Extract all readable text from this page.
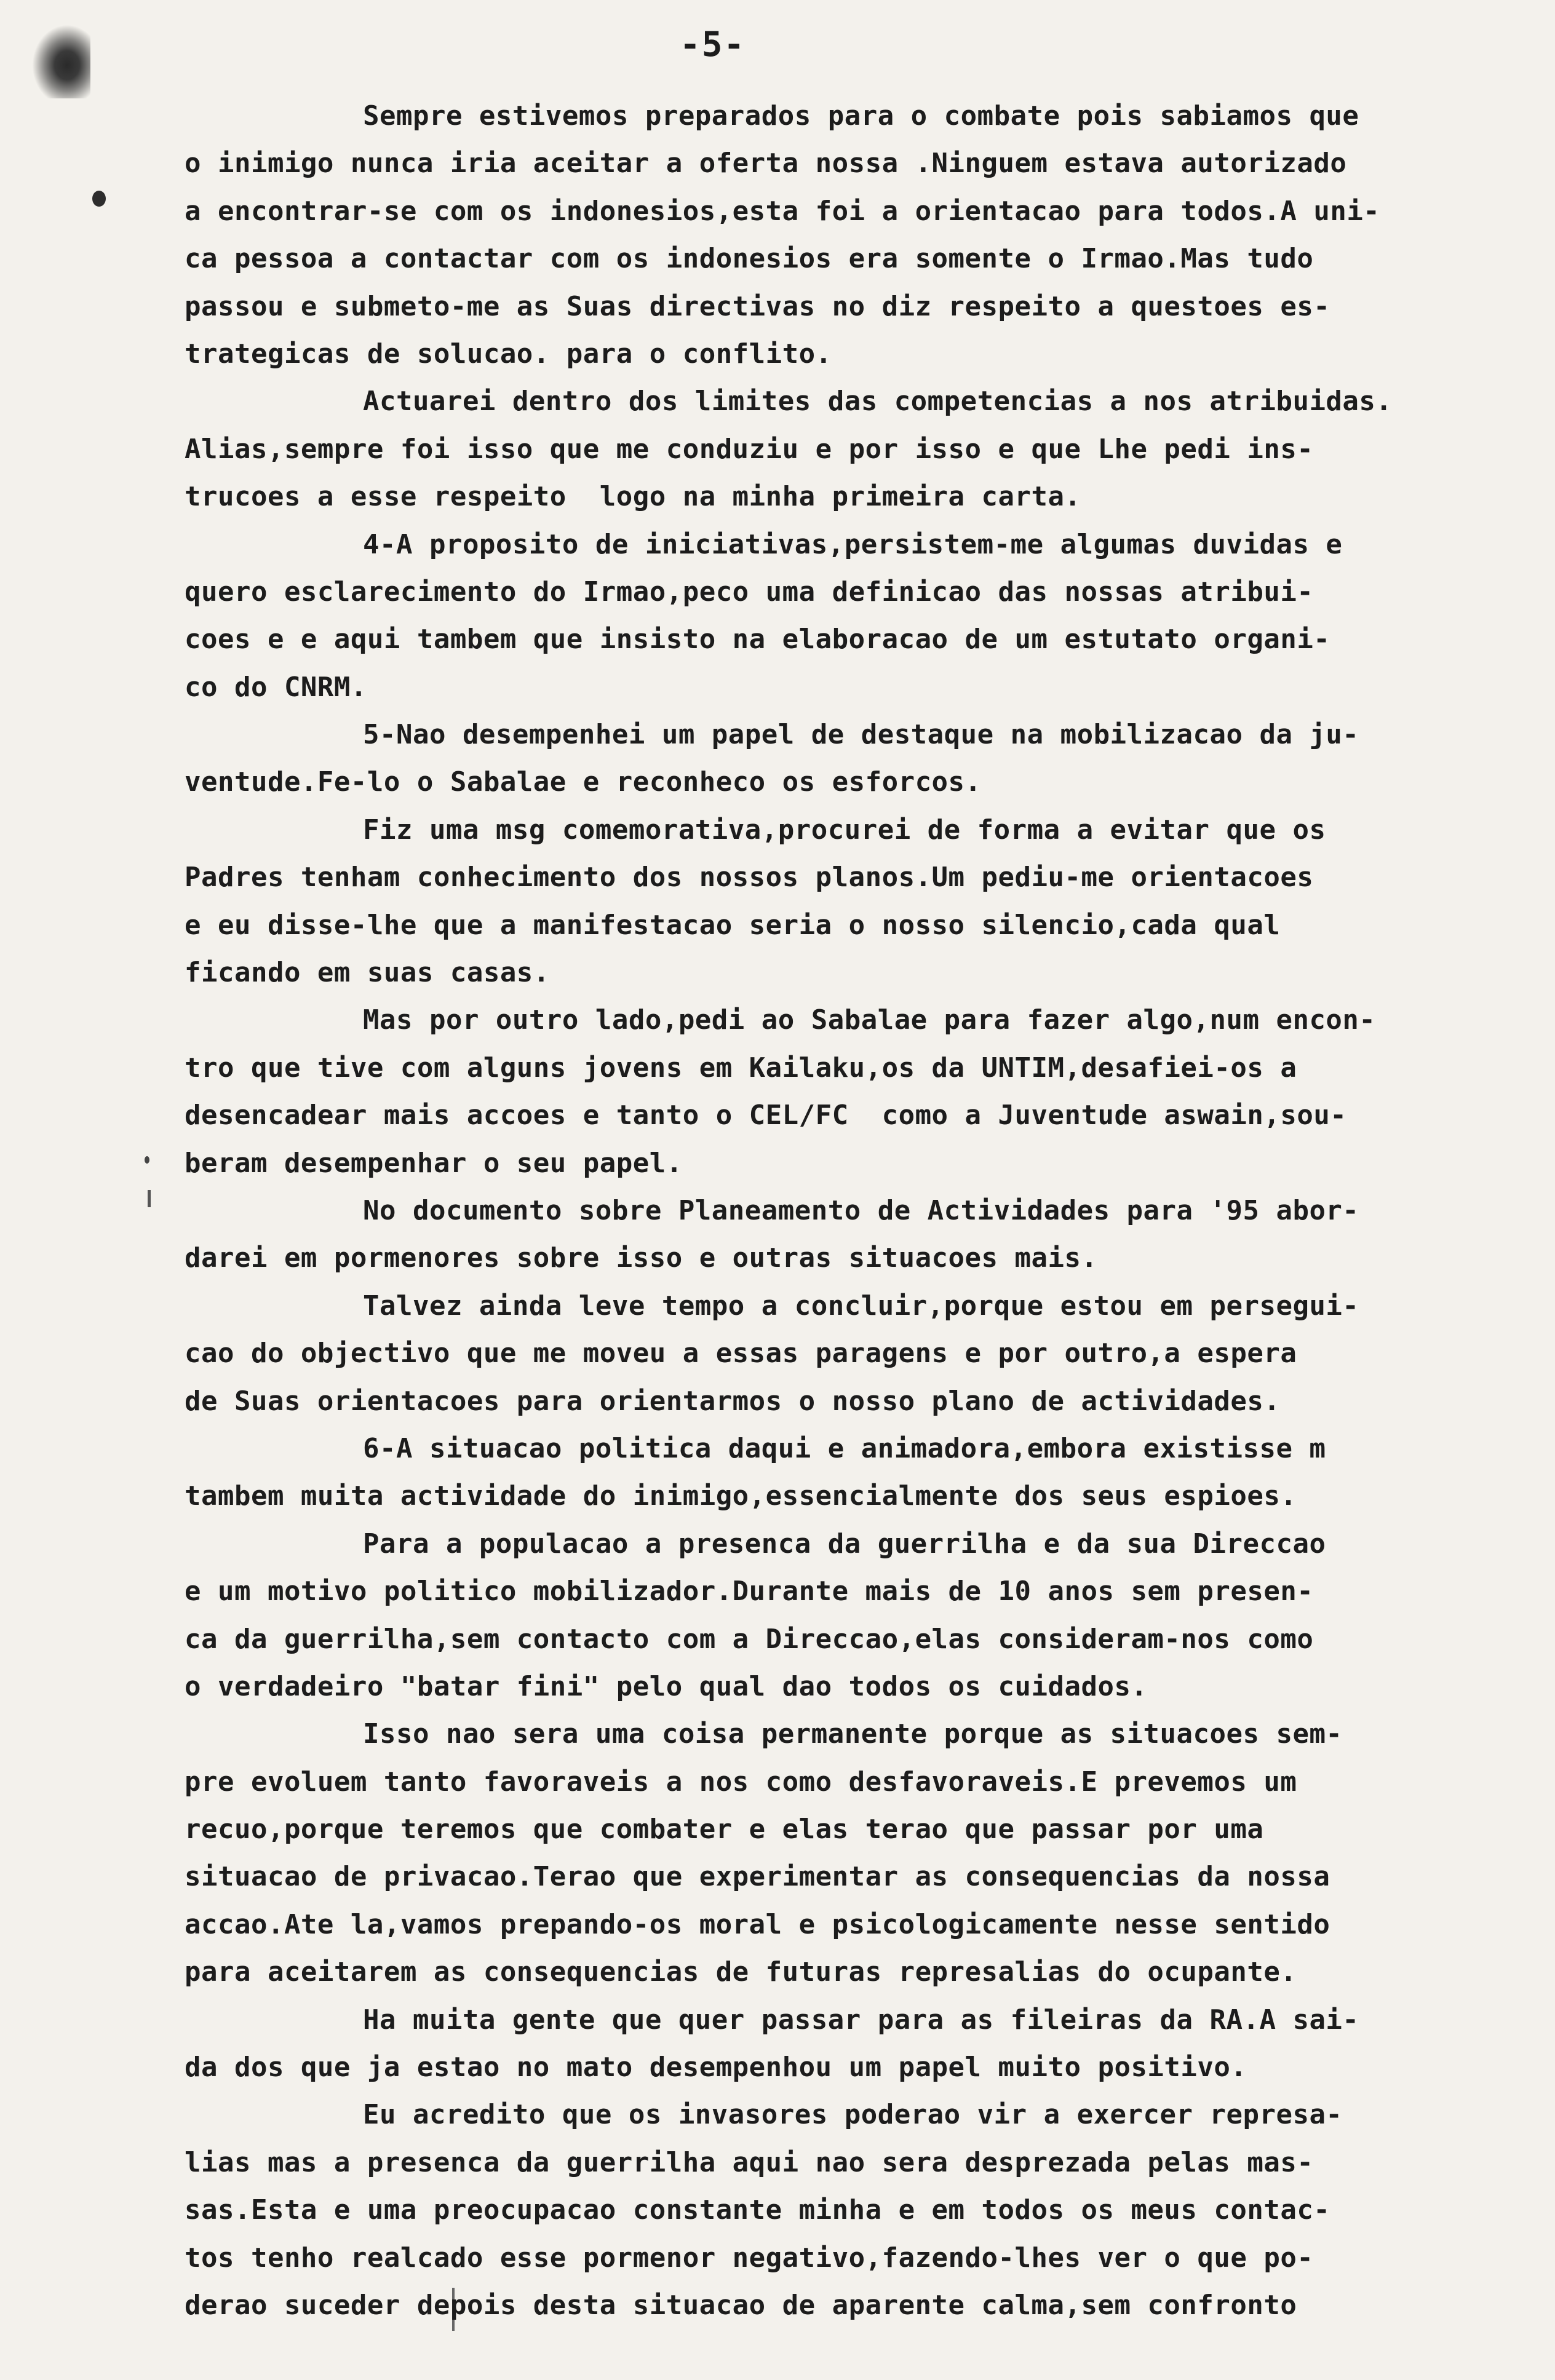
-5-
Sempre estivemos preparados para o combate pois sabiamos que
o inimigo nunca iria aceitar a oferta nossa .Ninguem estava autorizado
a encontrar-se com os indonesios,esta foi a orientacao para todos.A uni-
ca pessoa a contactar com os indonesios era somente o Irmao.Mas tudo
passou e submeto-me as Suas directivas no diz respeito a questoes es-
trategicas de solucao. para o conflito.
Actuarei dentro dos limites das competencias a nos atribuidas.
Alias,sempre foi isso que me conduziu e por isso e que Lhe pedi ins-
trucoes a esse respeito  logo na minha primeira carta.
4-A proposito de iniciativas,persistem-me algumas duvidas e
quero esclarecimento do Irmao,peco uma definicao das nossas atribui-
coes e e aqui tambem que insisto na elaboracao de um estutato organi-
co do CNRM.
5-Nao desempenhei um papel de destaque na mobilizacao da ju-
ventude.Fe-lo o Sabalae e reconheco os esforcos.
Fiz uma msg comemorativa,procurei de forma a evitar que os
Padres tenham conhecimento dos nossos planos.Um pediu-me orientacoes
e eu disse-lhe que a manifestacao seria o nosso silencio,cada qual
ficando em suas casas.
Mas por outro lado,pedi ao Sabalae para fazer algo,num encon-
tro que tive com alguns jovens em Kailaku,os da UNTIM,desafiei-os a
desencadear mais accoes e tanto o CEL/FC  como a Juventude aswain,sou-
beram desempenhar o seu papel.
No documento sobre Planeamento de Actividades para '95 abor-
darei em pormenores sobre isso e outras situacoes mais.
Talvez ainda leve tempo a concluir,porque estou em persegui-
cao do objectivo que me moveu a essas paragens e por outro,a espera
de Suas orientacoes para orientarmos o nosso plano de actividades.
6-A situacao politica daqui e animadora,embora existisse m
tambem muita actividade do inimigo,essencialmente dos seus espioes.
Para a populacao a presenca da guerrilha e da sua Direccao
e um motivo politico mobilizador.Durante mais de 10 anos sem presen-
ca da guerrilha,sem contacto com a Direccao,elas consideram-nos como
o verdadeiro "batar fini" pelo qual dao todos os cuidados.
Isso nao sera uma coisa permanente porque as situacoes sem-
pre evoluem tanto favoraveis a nos como desfavoraveis.E prevemos um
recuo,porque teremos que combater e elas terao que passar por uma
situacao de privacao.Terao que experimentar as consequencias da nossa
accao.Ate la,vamos prepando-os moral e psicologicamente nesse sentido
para aceitarem as consequencias de futuras represalias do ocupante.
Ha muita gente que quer passar para as fileiras da RA.A sai-
da dos que ja estao no mato desempenhou um papel muito positivo.
Eu acredito que os invasores poderao vir a exercer represa-
lias mas a presenca da guerrilha aqui nao sera desprezada pelas mas-
sas.Esta e uma preocupacao constante minha e em todos os meus contac-
tos tenho realcado esse pormenor negativo,fazendo-lhes ver o que po-
derao suceder depois desta situacao de aparente calma,sem confronto
